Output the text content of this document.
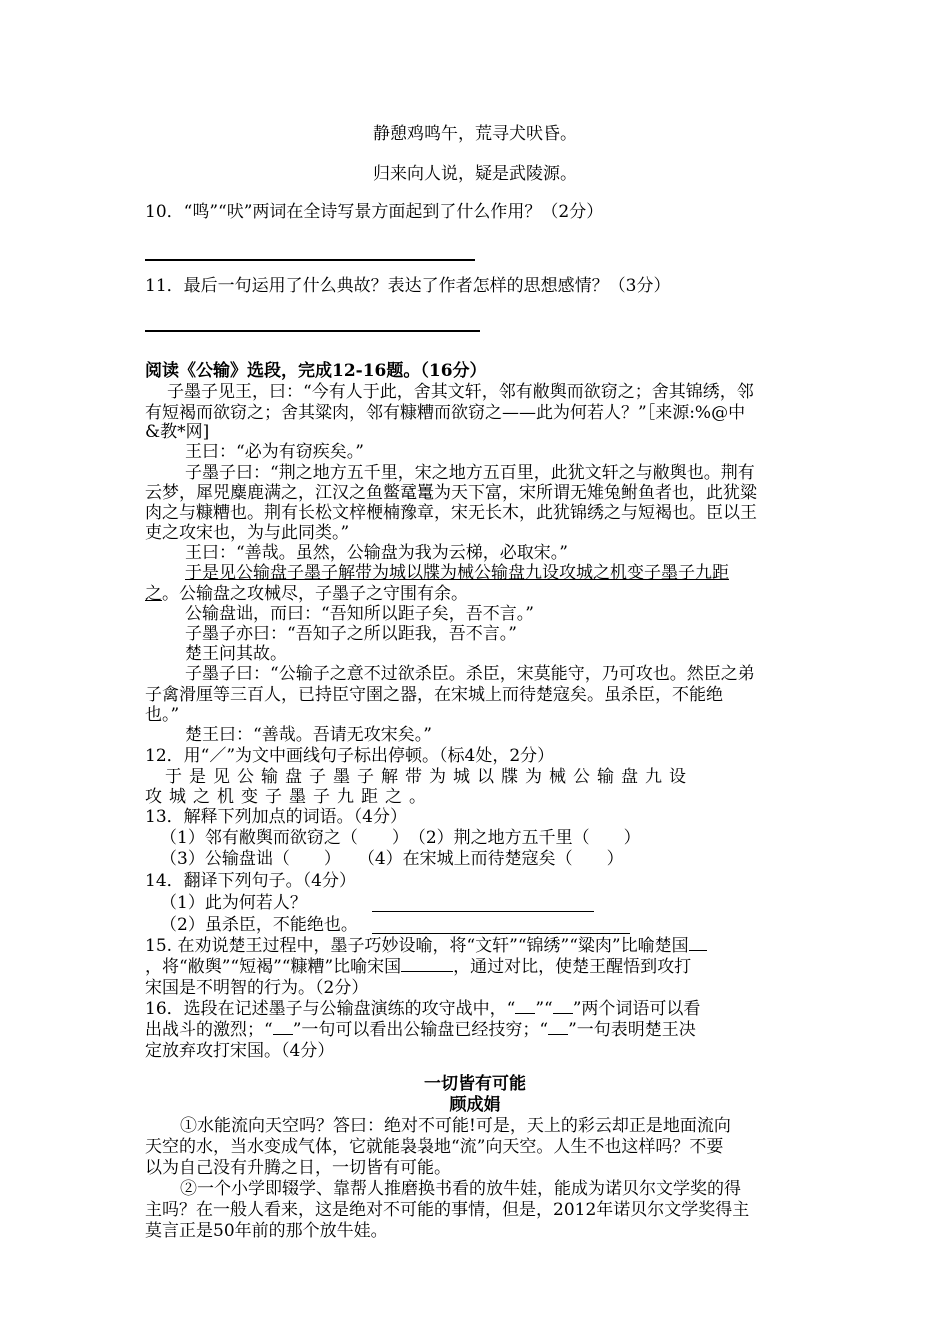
静憩鸡鸣午，荒寻犬吠昏。
归来向人说，疑是武陵源。
10．“鸣”“吠”两词在全诗写景方面起到了什么作用？（2分）
11．最后一句运用了什么典故？表达了作者怎样的思想感情？（3分）
阅读《公输》选段，完成12-16题。（16分）
子墨子见王，曰：“今有人于此，舍其文轩，邻有敝舆而欲窃之；舍其锦绣，邻
有短褐而欲窃之；舍其粱肉，邻有糠糟而欲窃之——此为何若人？”［来源:%@中
&教*网]
王曰：“必为有窃疾矣。”
子墨子曰：“荆之地方五千里，宋之地方五百里，此犹文轩之与敝舆也。荆有
云梦，犀兕麋鹿满之，江汉之鱼鳖鼋鼍为天下富，宋所谓无雉兔鲋鱼者也，此犹粱
肉之与糠糟也。荆有长松文梓楩楠豫章，宋无长木，此犹锦绣之与短褐也。臣以王
吏之攻宋也，为与此同类。”
王曰：“善哉。虽然，公输盘为我为云梯，必取宋。”
于是见公输盘子墨子解带为城以牒为械公输盘九设攻城之机变子墨子九距
之。公输盘之攻械尽，子墨子之守围有余。
公输盘诎，而曰：“吾知所以距子矣，吾不言。”
子墨子亦曰：“吾知子之所以距我，吾不言。”
楚王问其故。
子墨子曰：“公输子之意不过欲杀臣。杀臣，宋莫能守，乃可攻也。然臣之弟
子禽滑厘等三百人，已持臣守圉之器，在宋城上而待楚寇矣。虽杀臣，不能绝
也。”
楚王曰：“善哉。吾请无攻宋矣。”
12．用“／”为文中画线句子标出停顿。（标4处，2分）
于是见公输盘子墨子解带为城以牒为械公输盘九设
攻城之机变子墨子九距之。
13．解释下列加点的词语。（4分）
（1）邻有敝舆而欲窃之（　　）　（2）荆之地方五千里（　　）
（3）公输盘诎（　　）　　（4）在宋城上而待楚寇矣（　　）
14．翻译下列句子。（4分）
（1）此为何若人？
（2）虽杀臣，不能绝也。
15. 在劝说楚王过程中，墨子巧妙设喻，将“文轩”“锦绣”“粱肉”比喻楚国
，将“敝舆”“短褐”“糠糟”比喻宋国	，通过对比，使楚王醒悟到攻打
宋国是不明智的行为。（2分）
16．选段在记述墨子与公输盘演练的攻守战中，“ ”“ ”两个词语可以看
出战斗的激烈；“ ”一句可以看出公输盘已经技穷；“ ”一句表明楚王决
定放弃攻打宋国。（4分）
一切皆有可能
顾成娟
①水能流向天空吗？答曰：绝对不可能!可是，天上的彩云却正是地面流向
天空的水，当水变成气体，它就能袅袅地“流”向天空。人生不也这样吗？不要
以为自己没有升腾之日，一切皆有可能。
②一个小学即辍学、靠帮人推磨换书看的放牛娃，能成为诺贝尔文学奖的得
主吗？在一般人看来，这是绝对不可能的事情，但是，2012年诺贝尔文学奖得主
莫言正是50年前的那个放牛娃。
